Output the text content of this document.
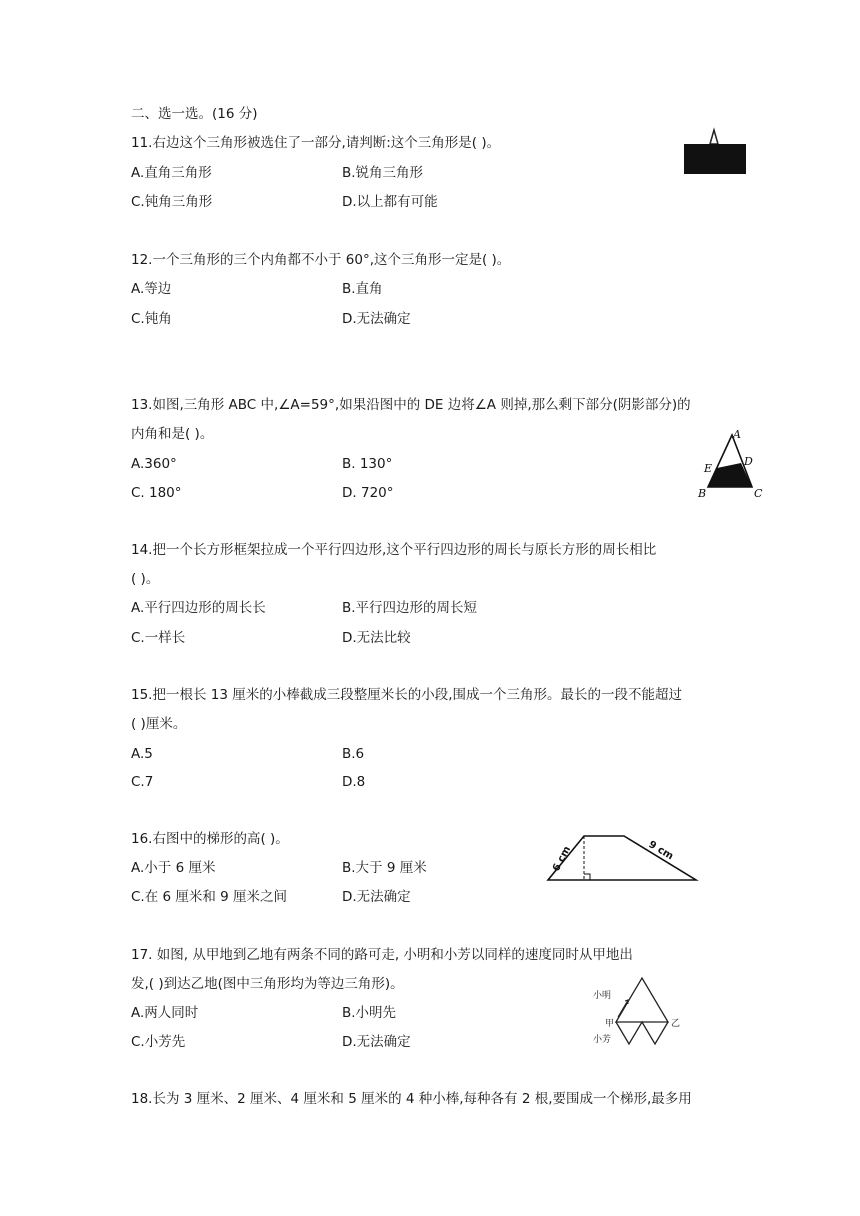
二、选一选。(16 分)
11.右边这个三角形被选住了一部分,请判断:这个三角形是( )。
A.直角三角形	B.锐角三角形
C.钝角三角形	D.以上都有可能
12.一个三角形的三个内角都不小于 60°,这个三角形一定是( )。
A.等边	B.直角
C.钝角	D.无法确定
13.如图,三角形 ABC 中,∠A=59°,如果沿图中的 DE 边将∠A 则掉,那么剩下部分(阴影部分)的
内角和是( )。
A.360°	B. 130°
C. 180°	D. 720°
A
B	C
D
E
14.把一个长方形框架拉成一个平行四边形,这个平行四边形的周长与原长方形的周长相比
( )。
A.平行四边形的周长长	B.平行四边形的周长短
C.一样长	D.无法比较
15.把一根长 13 厘米的小棒截成三段整厘米长的小段,围成一个三角形。最长的一段不能超过
( )厘米。
A.5	B.6
C.7	D.8
16.右图中的梯形的高( )。
A.小于 6 厘米	B.大于 9 厘米
C.在 6 厘米和 9 厘米之间	D.无法确定
6 cm	9 cm
17. 如图, 从甲地到乙地有两条不同的路可走, 小明和小芳以同样的速度同时从甲地出
发,( )到达乙地(图中三角形均为等边三角形)。
A.两人同时	B.小明先
C.小芳先	D.无法确定
小明
甲	乙
小芳
18.长为 3 厘米、2 厘米、4 厘米和 5 厘米的 4 种小棒,每种各有 2 根,要围成一个梯形,最多用
